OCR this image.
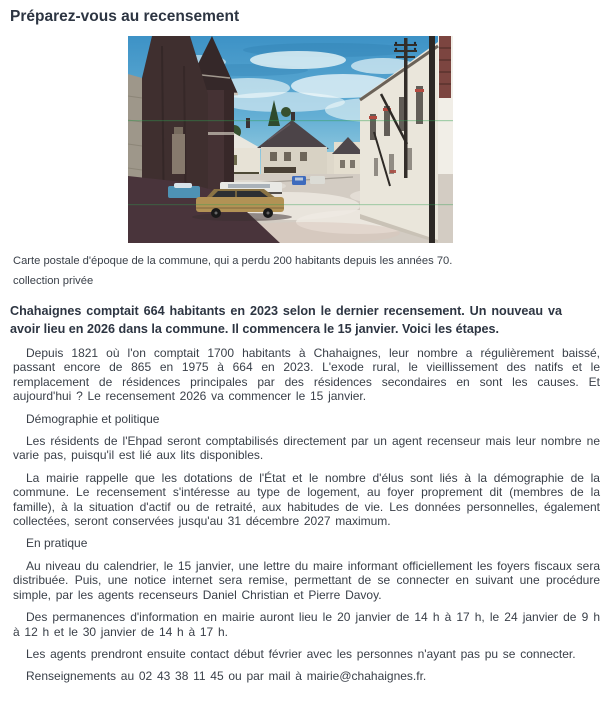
Préparez-vous au recensement

Carte postale d'époque de la commune, qui a perdu 200 habitants depuis les années 70.

collection privée

Chahaignes comptait 664 habitants en 2023 selon le dernier recensement. Un nouveau va avoir lieu en 2026 dans la commune. Il commencera le 15 janvier. Voici les étapes.

Depuis 1821 où l'on comptait 1700 habitants à Chahaignes, leur nombre a régulièrement baissé, passant encore de 865 en 1975 à 664 en 2023. L'exode rural, le vieillissement des natifs et le remplacement de résidences principales par des résidences secondaires en sont les causes. Et aujourd'hui ? Le recensement 2026 va commencer le 15 janvier.

Démographie et politique

Les résidents de l'Ehpad seront comptabilisés directement par un agent recenseur mais leur nombre ne varie pas, puisqu'il est lié aux lits disponibles.

La mairie rappelle que les dotations de l'État et le nombre d'élus sont liés à la démographie de la commune. Le recensement s'intéresse au type de logement, au foyer proprement dit (membres de la famille), à la situation d'actif ou de retraité, aux habitudes de vie. Les données personnelles, également collectées, seront conservées jusqu'au 31 décembre 2027 maximum.

En pratique

Au niveau du calendrier, le 15 janvier, une lettre du maire informant officiellement les foyers fiscaux sera distribuée. Puis, une notice internet sera remise, permettant de se connecter en suivant une procédure simple, par les agents recenseurs Daniel Christian et Pierre Davoy.

Des permanences d'information en mairie auront lieu le 20 janvier de 14 h à 17 h, le 24 janvier de 9 h à 12 h et le 30 janvier de 14 h à 17 h.

Les agents prendront ensuite contact début février avec les personnes n'ayant pas pu se connecter.

Renseignements au 02 43 38 11 45 ou par mail à mairie@chahaignes.fr.
